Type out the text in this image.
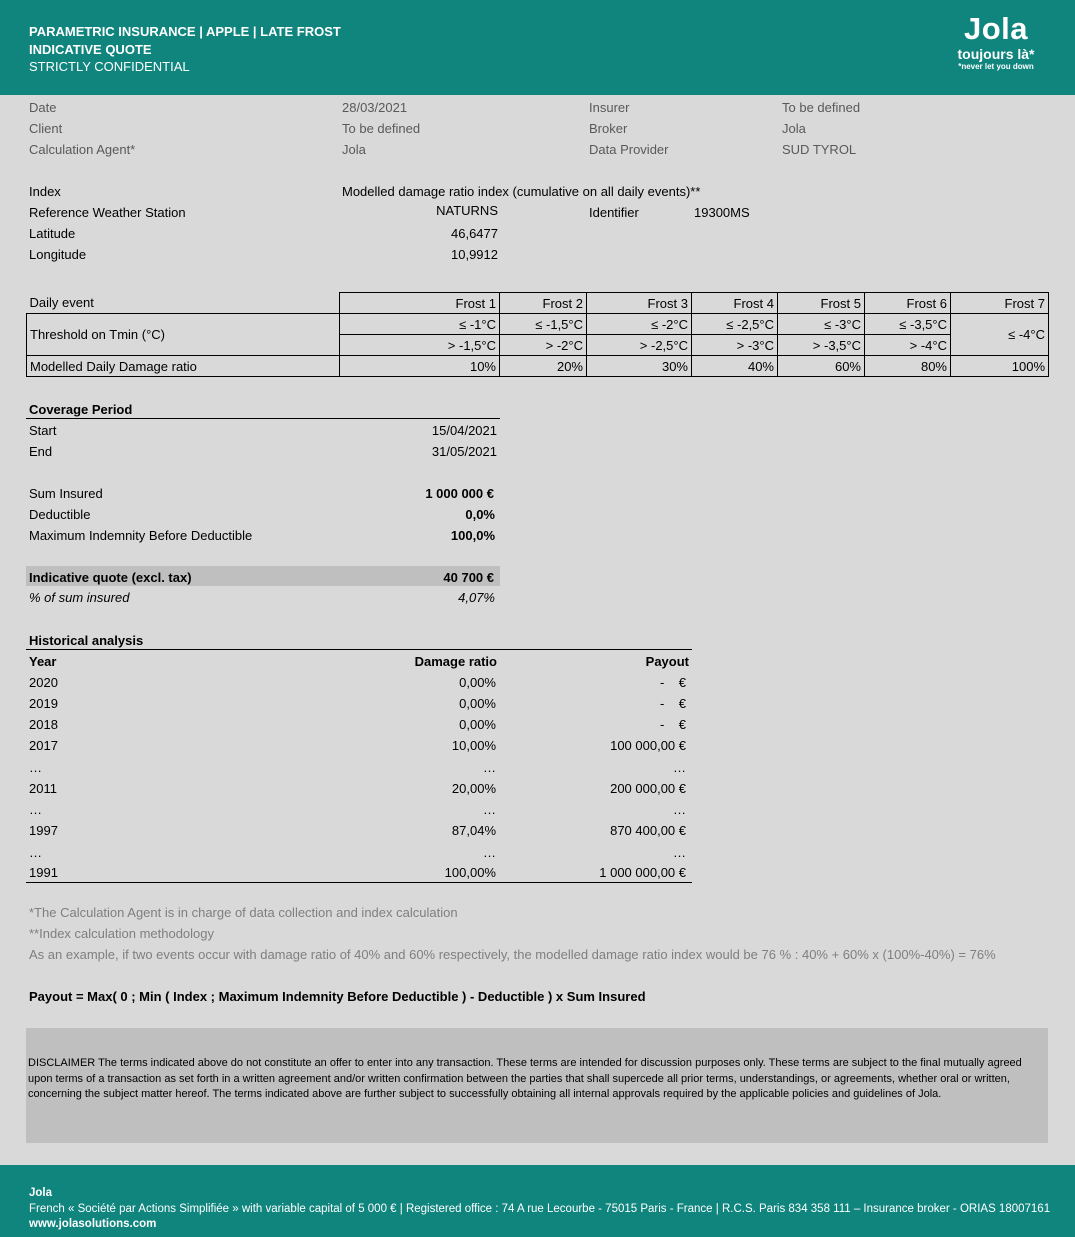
PARAMETRIC INSURANCE | APPLE | LATE FROST
INDICATIVE QUOTE
STRICTLY CONFIDENTIAL
Jola
toujours là*
*never let you down
Date	28/03/2021	Insurer	To be defined
Client	To be defined	Broker	Jola
Calculation Agent*	Jola	Data Provider	SUD TYROL
Index	Modelled damage ratio index (cumulative on all daily events)**
Reference Weather Station	NATURNS	Identifier	19300MS
Latitude	46,6477
Longitude	10,9912
Daily event	Frost 1	Frost 2	Frost 3	Frost 4	Frost 5	Frost 6	Frost 7
Threshold on Tmin (°C)	≤ -1°C	≤ -1,5°C	≤ -2°C	≤ -2,5°C	≤ -3°C	≤ -3,5°C	≤ -4°C
	> -1,5°C	> -2°C	> -2,5°C	> -3°C	> -3,5°C	> -4°C	
Modelled Daily Damage ratio	10%	20%	30%	40%	60%	80%	100%
Coverage Period
Start	15/04/2021
End	31/05/2021
Sum Insured	1 000 000 €
Deductible	0,0%
Maximum Indemnity Before Deductible	100,0%
Indicative quote (excl. tax)	40 700 €
% of sum insured	4,07%
Historical analysis
Year	Damage ratio	Payout
2020	0,00%	-    €
2019	0,00%	-    €
2018	0,00%	-    €
2017	10,00%	100 000,00 €
…	…	…
2011	20,00%	200 000,00 €
…	…	…
1997	87,04%	870 400,00 €
…	…	…
1991	100,00%	1 000 000,00 €
*The Calculation Agent is in charge of data collection and index calculation
**Index calculation methodology
As an example, if two events occur with damage ratio of 40% and 60% respectively, the modelled damage ratio index would be 76 % : 40% + 60% x (100%-40%) = 76%
Payout = Max( 0 ; Min ( Index ; Maximum Indemnity Before Deductible ) - Deductible ) x Sum Insured

DISCLAIMER The terms indicated above do not constitute an offer to enter into any transaction. These terms are intended for discussion purposes only. These terms are subject to the final mutually agreed upon terms of a transaction as set forth in a written agreement and/or written confirmation between the parties that shall supercede all prior terms, understandings, or agreements, whether oral or written, concerning the subject matter hereof. The terms indicated above are further subject to successfully obtaining all internal approvals required by the applicable policies and guidelines of Jola.

Jola
French « Société par Actions Simplifiée » with variable capital of 5 000 € | Registered office : 74 A rue Lecourbe - 75015 Paris - France | R.C.S. Paris 834 358 111 – Insurance broker - ORIAS 18007161
www.jolasolutions.com
